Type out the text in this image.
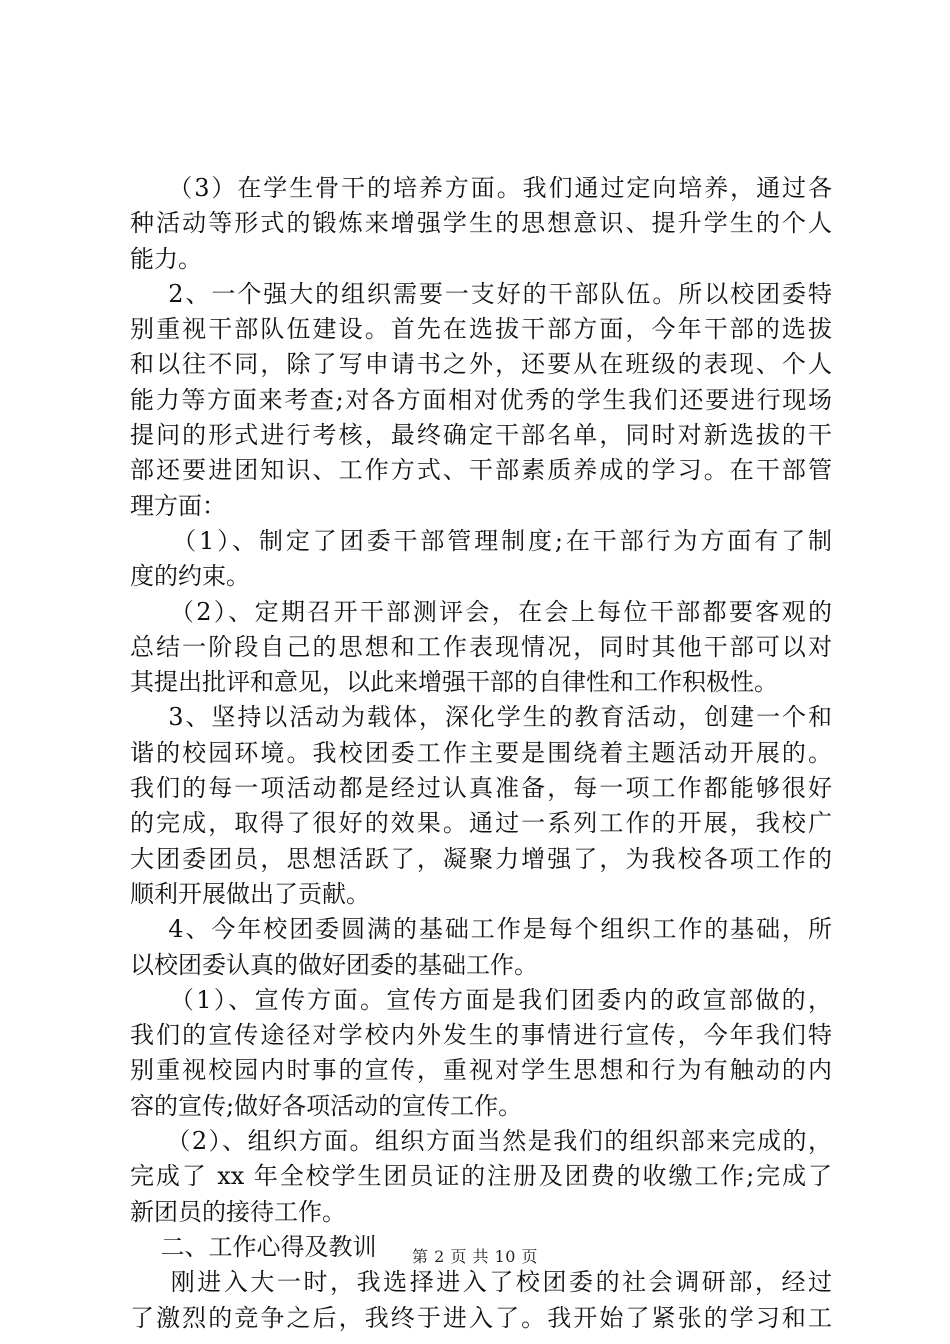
（3）在学生骨干的培养方面。我们通过定向培养，通过各
种活动等形式的锻炼来增强学生的思想意识、提升学生的个人
能力。
2、一个强大的组织需要一支好的干部队伍。所以校团委特
别重视干部队伍建设。首先在选拔干部方面，今年干部的选拔
和以往不同，除了写申请书之外，还要从在班级的表现、个人
能力等方面来考查;对各方面相对优秀的学生我们还要进行现场
提问的形式进行考核，最终确定干部名单，同时对新选拔的干
部还要进团知识、工作方式、干部素质养成的学习。在干部管
理方面：
（1）、制定了团委干部管理制度;在干部行为方面有了制
度的约束。
（2）、定期召开干部测评会，在会上每位干部都要客观的
总结一阶段自己的思想和工作表现情况，同时其他干部可以对
其提出批评和意见，以此来增强干部的自律性和工作积极性。
3、坚持以活动为载体，深化学生的教育活动，创建一个和
谐的校园环境。我校团委工作主要是围绕着主题活动开展的。
我们的每一项活动都是经过认真准备，每一项工作都能够很好
的完成，取得了很好的效果。通过一系列工作的开展，我校广
大团委团员，思想活跃了，凝聚力增强了，为我校各项工作的
顺利开展做出了贡献。
4、今年校团委圆满的基础工作是每个组织工作的基础，所
以校团委认真的做好团委的基础工作。
（1）、宣传方面。宣传方面是我们团委内的政宣部做的，
我们的宣传途径对学校内外发生的事情进行宣传，今年我们特
别重视校园内时事的宣传，重视对学生思想和行为有触动的内
容的宣传;做好各项活动的宣传工作。
（2）、组织方面。组织方面当然是我们的组织部来完成的，
完成了 xx 年全校学生团员证的注册及团费的收缴工作;完成了
新团员的接待工作。
二、工作心得及教训
刚进入大一时，我选择进入了校团委的社会调研部，经过
了激烈的竞争之后，我终于进入了。我开始了紧张的学习和工
第 2 页 共 10 页
